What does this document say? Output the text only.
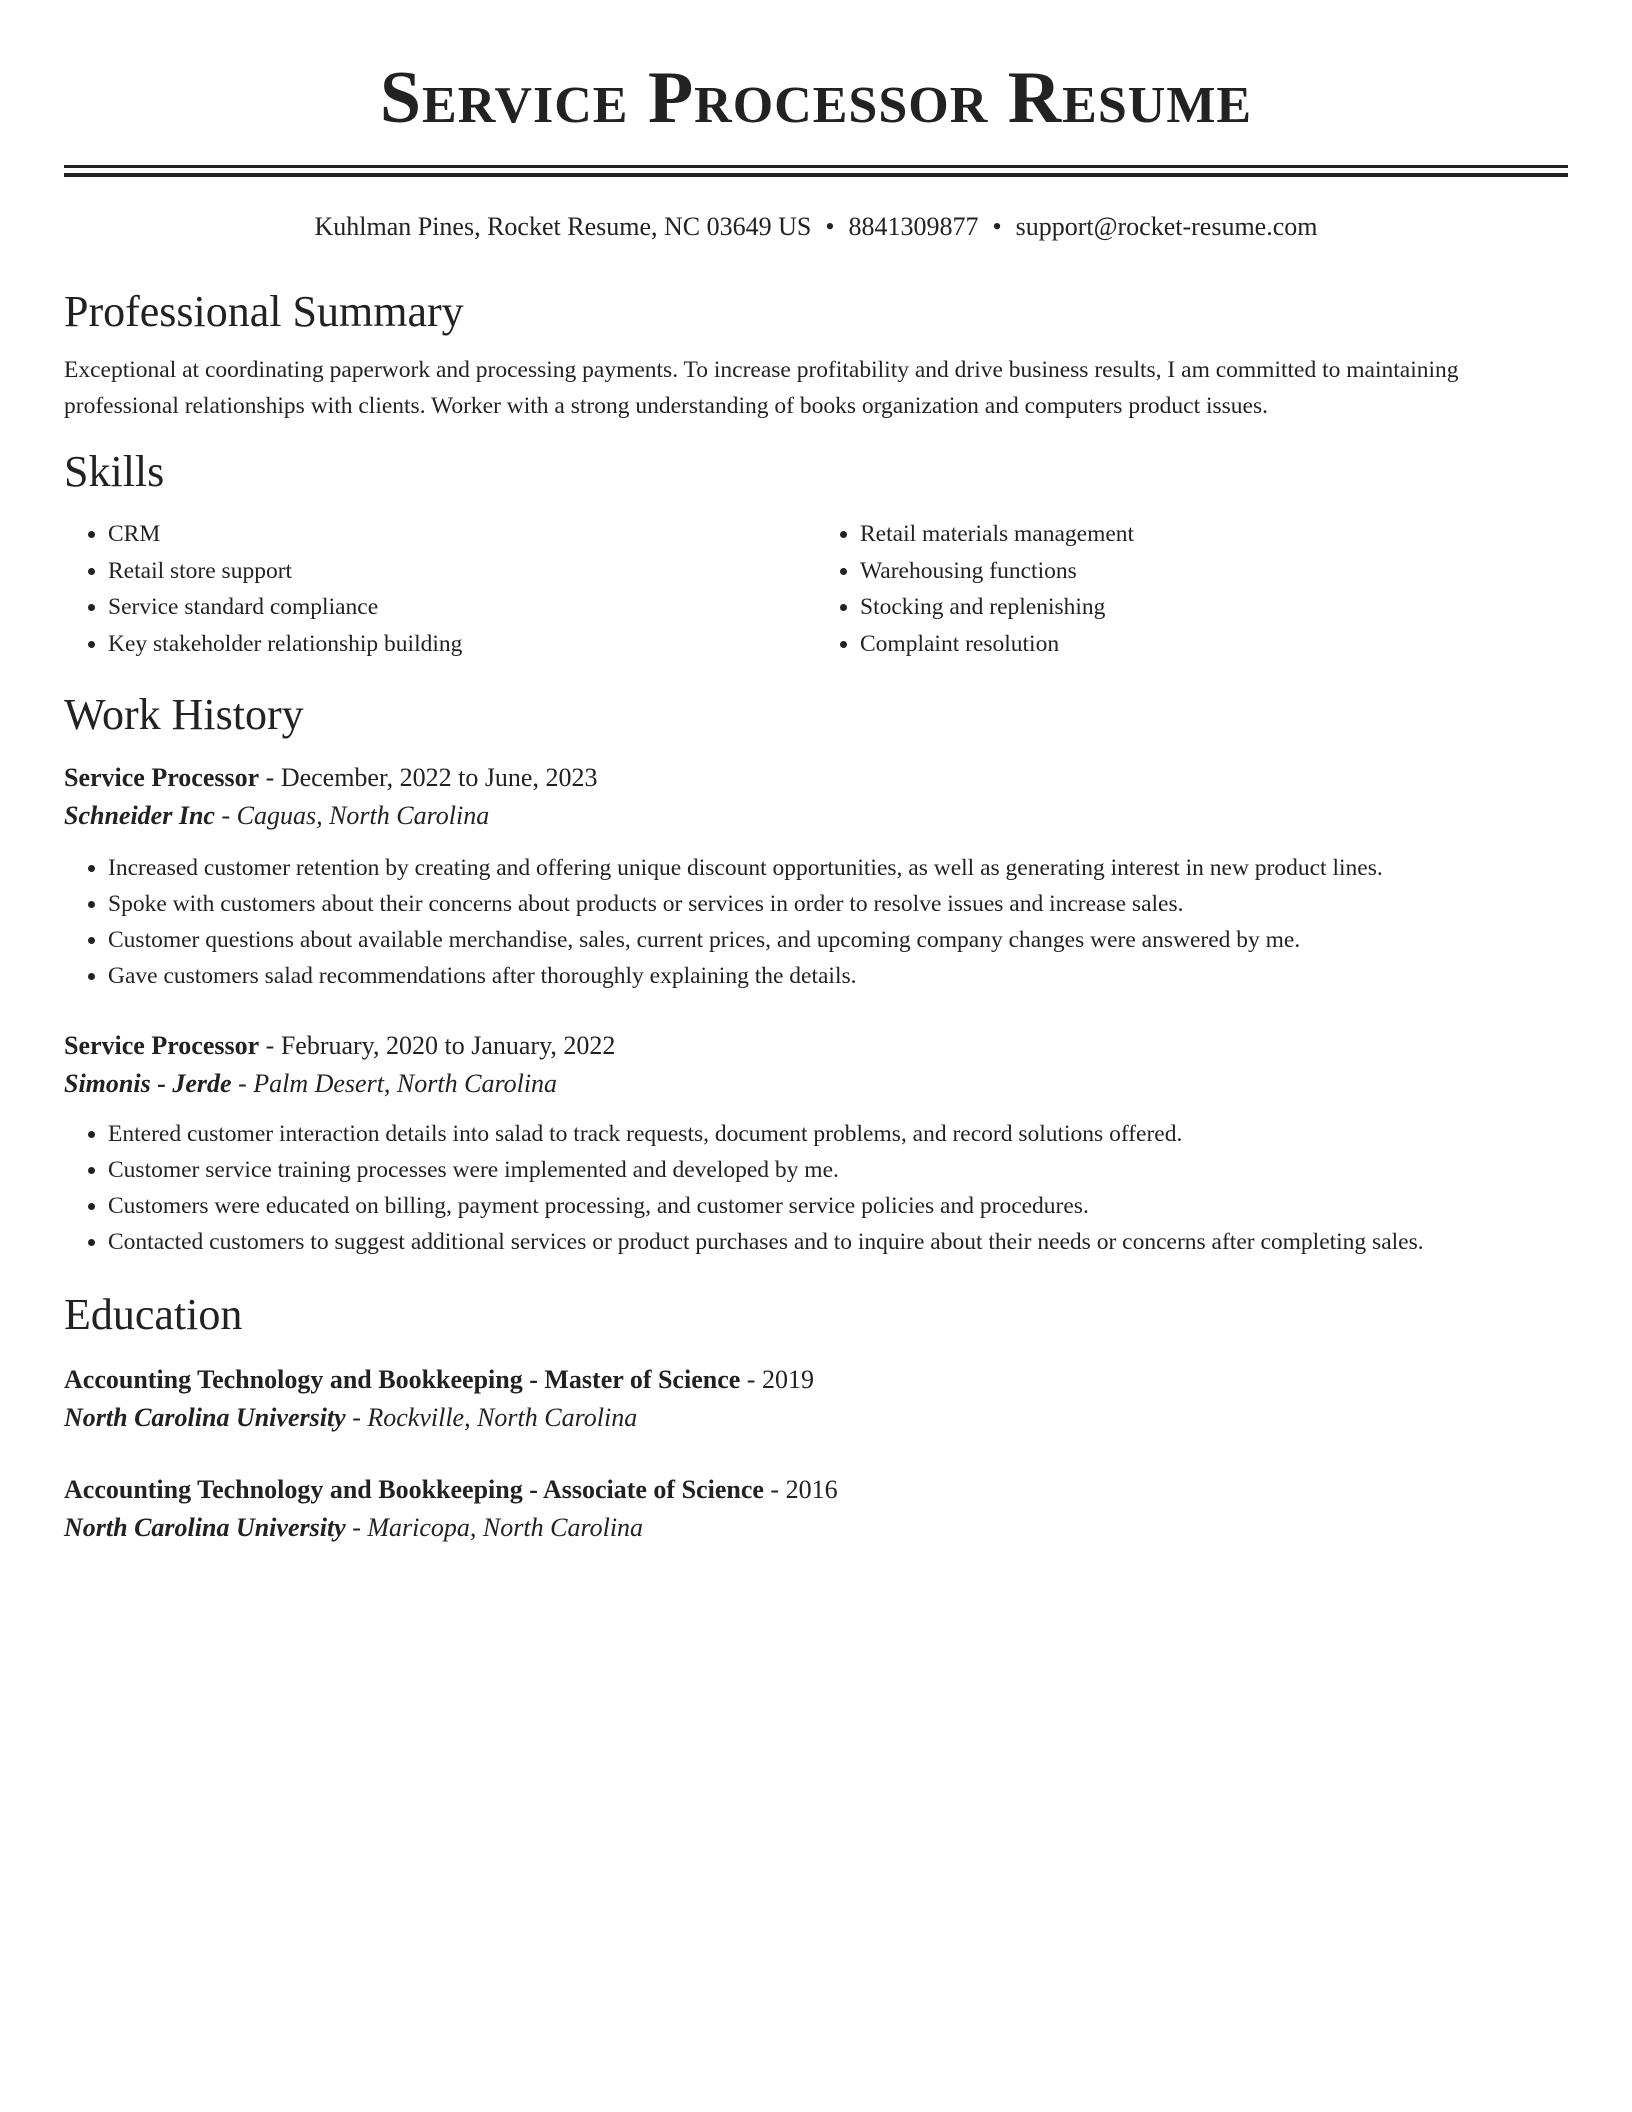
Service Processor Resume
Kuhlman Pines, Rocket Resume, NC 03649 US • 8841309877 • support@rocket-resume.com
Professional Summary
Exceptional at coordinating paperwork and processing payments. To increase profitability and drive business results, I am committed to maintaining professional relationships with clients. Worker with a strong understanding of books organization and computers product issues.
Skills
• CRM
• Retail store support
• Service standard compliance
• Key stakeholder relationship building
• Retail materials management
• Warehousing functions
• Stocking and replenishing
• Complaint resolution
Work History
Service Processor - December, 2022 to June, 2023
Schneider Inc - Caguas, North Carolina
• Increased customer retention by creating and offering unique discount opportunities, as well as generating interest in new product lines.
• Spoke with customers about their concerns about products or services in order to resolve issues and increase sales.
• Customer questions about available merchandise, sales, current prices, and upcoming company changes were answered by me.
• Gave customers salad recommendations after thoroughly explaining the details.
Service Processor - February, 2020 to January, 2022
Simonis - Jerde - Palm Desert, North Carolina
• Entered customer interaction details into salad to track requests, document problems, and record solutions offered.
• Customer service training processes were implemented and developed by me.
• Customers were educated on billing, payment processing, and customer service policies and procedures.
• Contacted customers to suggest additional services or product purchases and to inquire about their needs or concerns after completing sales.
Education
Accounting Technology and Bookkeeping - Master of Science - 2019
North Carolina University - Rockville, North Carolina
Accounting Technology and Bookkeeping - Associate of Science - 2016
North Carolina University - Maricopa, North Carolina
